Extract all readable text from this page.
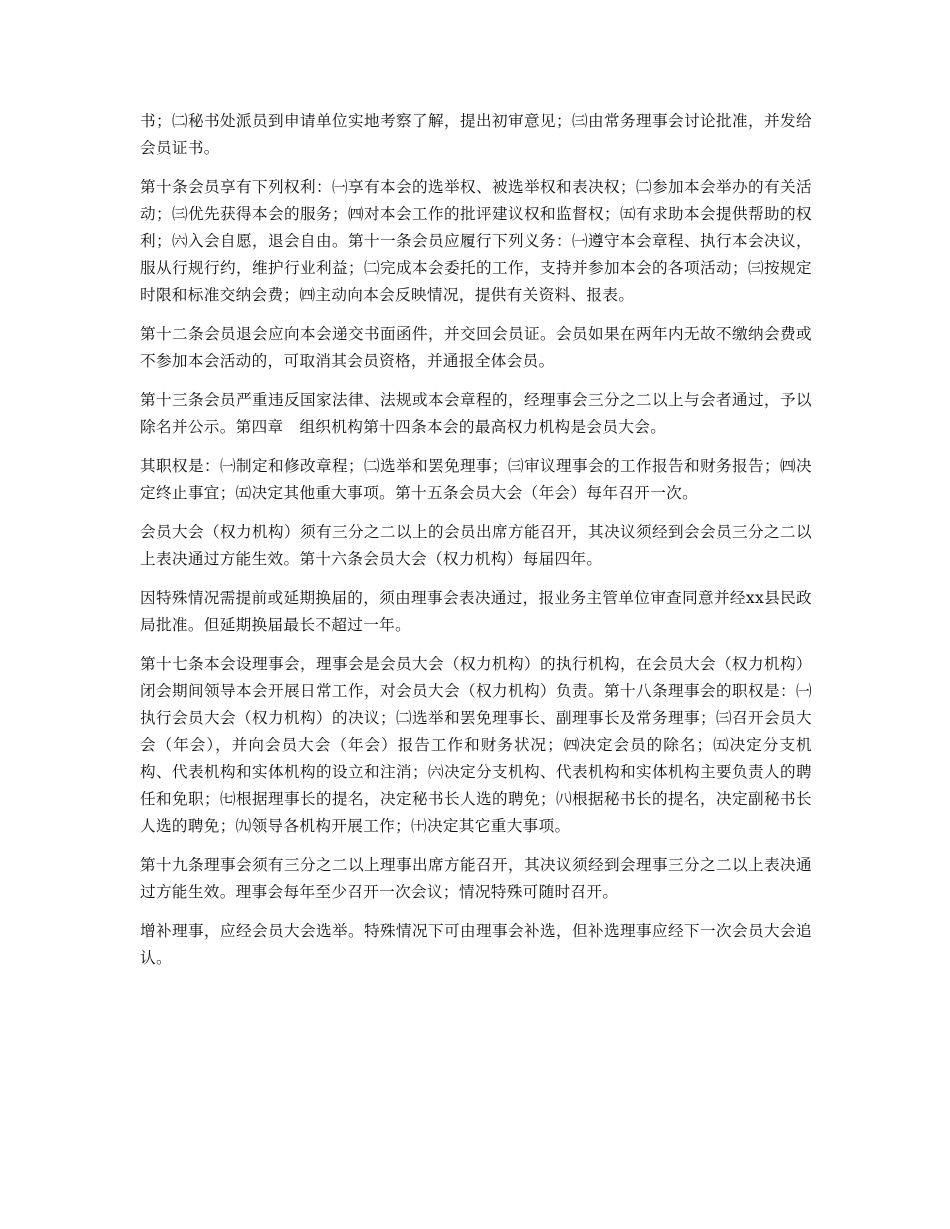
书；㈡秘书处派员到申请单位实地考察了解，提出初审意见；㈢由常务理事会讨论批准，并发给会员证书。

第十条会员享有下列权利：㈠享有本会的选举权、被选举权和表决权；㈡参加本会举办的有关活动；㈢优先获得本会的服务；㈣对本会工作的批评建议权和监督权；㈤有求助本会提供帮助的权利；㈥入会自愿，退会自由。第十一条会员应履行下列义务：㈠遵守本会章程、执行本会决议，服从行规行约，维护行业利益；㈡完成本会委托的工作，支持并参加本会的各项活动；㈢按规定时限和标准交纳会费；㈣主动向本会反映情况，提供有关资料、报表。

第十二条会员退会应向本会递交书面函件，并交回会员证。会员如果在两年内无故不缴纳会费或不参加本会活动的，可取消其会员资格，并通报全体会员。

第十三条会员严重违反国家法律、法规或本会章程的，经理事会三分之二以上与会者通过，予以除名并公示。第四章　组织机构第十四条本会的最高权力机构是会员大会。

其职权是：㈠制定和修改章程；㈡选举和罢免理事；㈢审议理事会的工作报告和财务报告；㈣决定终止事宜；㈤决定其他重大事项。第十五条会员大会（年会）每年召开一次。

会员大会（权力机构）须有三分之二以上的会员出席方能召开，其决议须经到会会员三分之二以上表决通过方能生效。第十六条会员大会（权力机构）每届四年。

因特殊情况需提前或延期换届的，须由理事会表决通过，报业务主管单位审查同意并经xx县民政局批准。但延期换届最长不超过一年。

第十七条本会设理事会，理事会是会员大会（权力机构）的执行机构，在会员大会（权力机构）闭会期间领导本会开展日常工作，对会员大会（权力机构）负责。第十八条理事会的职权是：㈠执行会员大会（权力机构）的决议；㈡选举和罢免理事长、副理事长及常务理事；㈢召开会员大会（年会），并向会员大会（年会）报告工作和财务状况；㈣决定会员的除名；㈤决定分支机构、代表机构和实体机构的设立和注消；㈥决定分支机构、代表机构和实体机构主要负责人的聘任和免职；㈦根据理事长的提名，决定秘书长人选的聘免；㈧根据秘书长的提名，决定副秘书长人选的聘免；㈨领导各机构开展工作；㈩决定其它重大事项。

第十九条理事会须有三分之二以上理事出席方能召开，其决议须经到会理事三分之二以上表决通过方能生效。理事会每年至少召开一次会议；情况特殊可随时召开。

增补理事，应经会员大会选举。特殊情况下可由理事会补选，但补选理事应经下一次会员大会追认。
